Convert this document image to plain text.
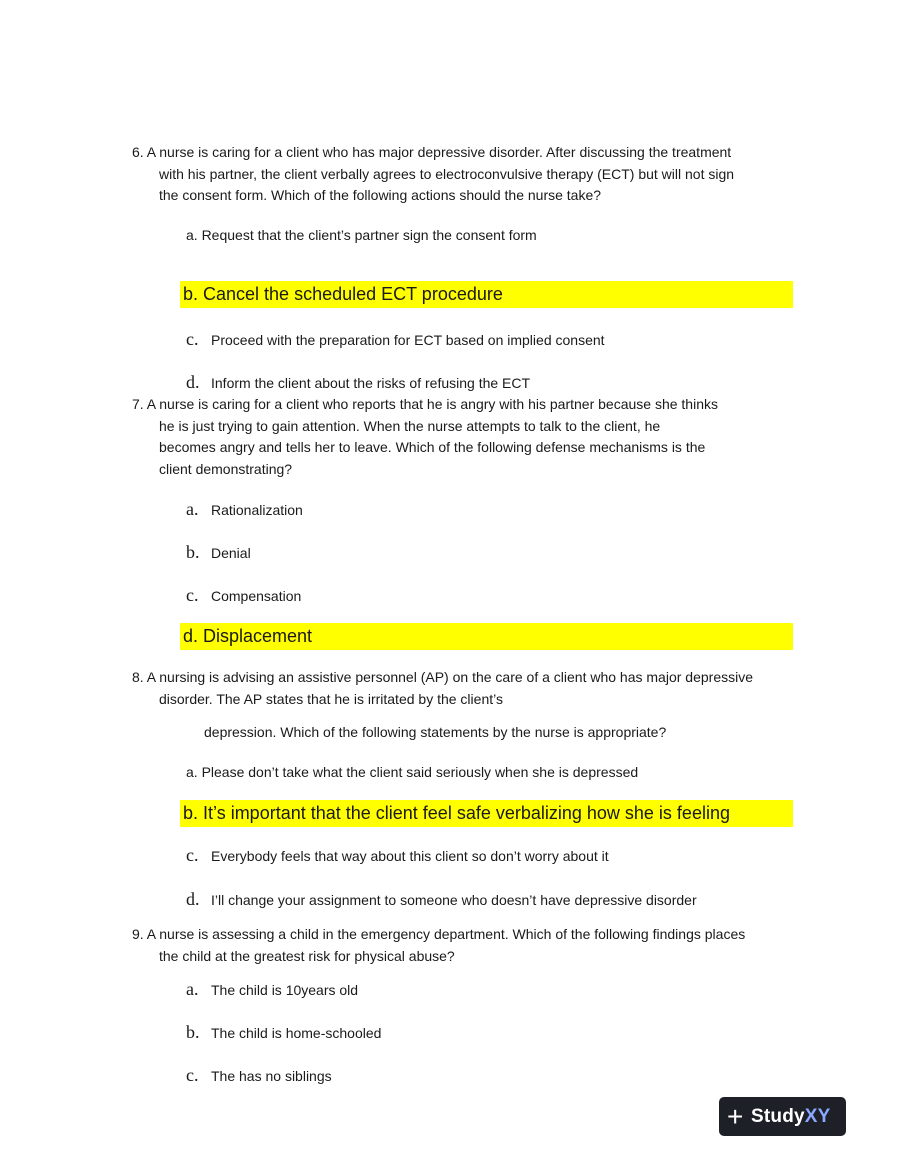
6. A nurse is caring for a client who has major depressive disorder. After discussing the treatment
with his partner, the client verbally agrees to electroconvulsive therapy (ECT) but will not sign
the consent form. Which of the following actions should the nurse take?
a. Request that the client’s partner sign the consent form
b. Cancel the scheduled ECT procedure
c. Proceed with the preparation for ECT based on implied consent
d. Inform the client about the risks of refusing the ECT
7. A nurse is caring for a client who reports that he is angry with his partner because she thinks
he is just trying to gain attention. When the nurse attempts to talk to the client, he
becomes angry and tells her to leave. Which of the following defense mechanisms is the
client demonstrating?
a. Rationalization
b. Denial
c. Compensation
d. Displacement
8. A nursing is advising an assistive personnel (AP) on the care of a client who has major depressive
disorder. The AP states that he is irritated by the client’s
depression. Which of the following statements by the nurse is appropriate?
a. Please don’t take what the client said seriously when she is depressed
b. It’s important that the client feel safe verbalizing how she is feeling
c. Everybody feels that way about this client so don’t worry about it
d. I’ll change your assignment to someone who doesn’t have depressive disorder
9. A nurse is assessing a child in the emergency department. Which of the following findings places
the child at the greatest risk for physical abuse?
a. The child is 10years old
b. The child is home-schooled
c. The has no siblings
+ StudyXY
